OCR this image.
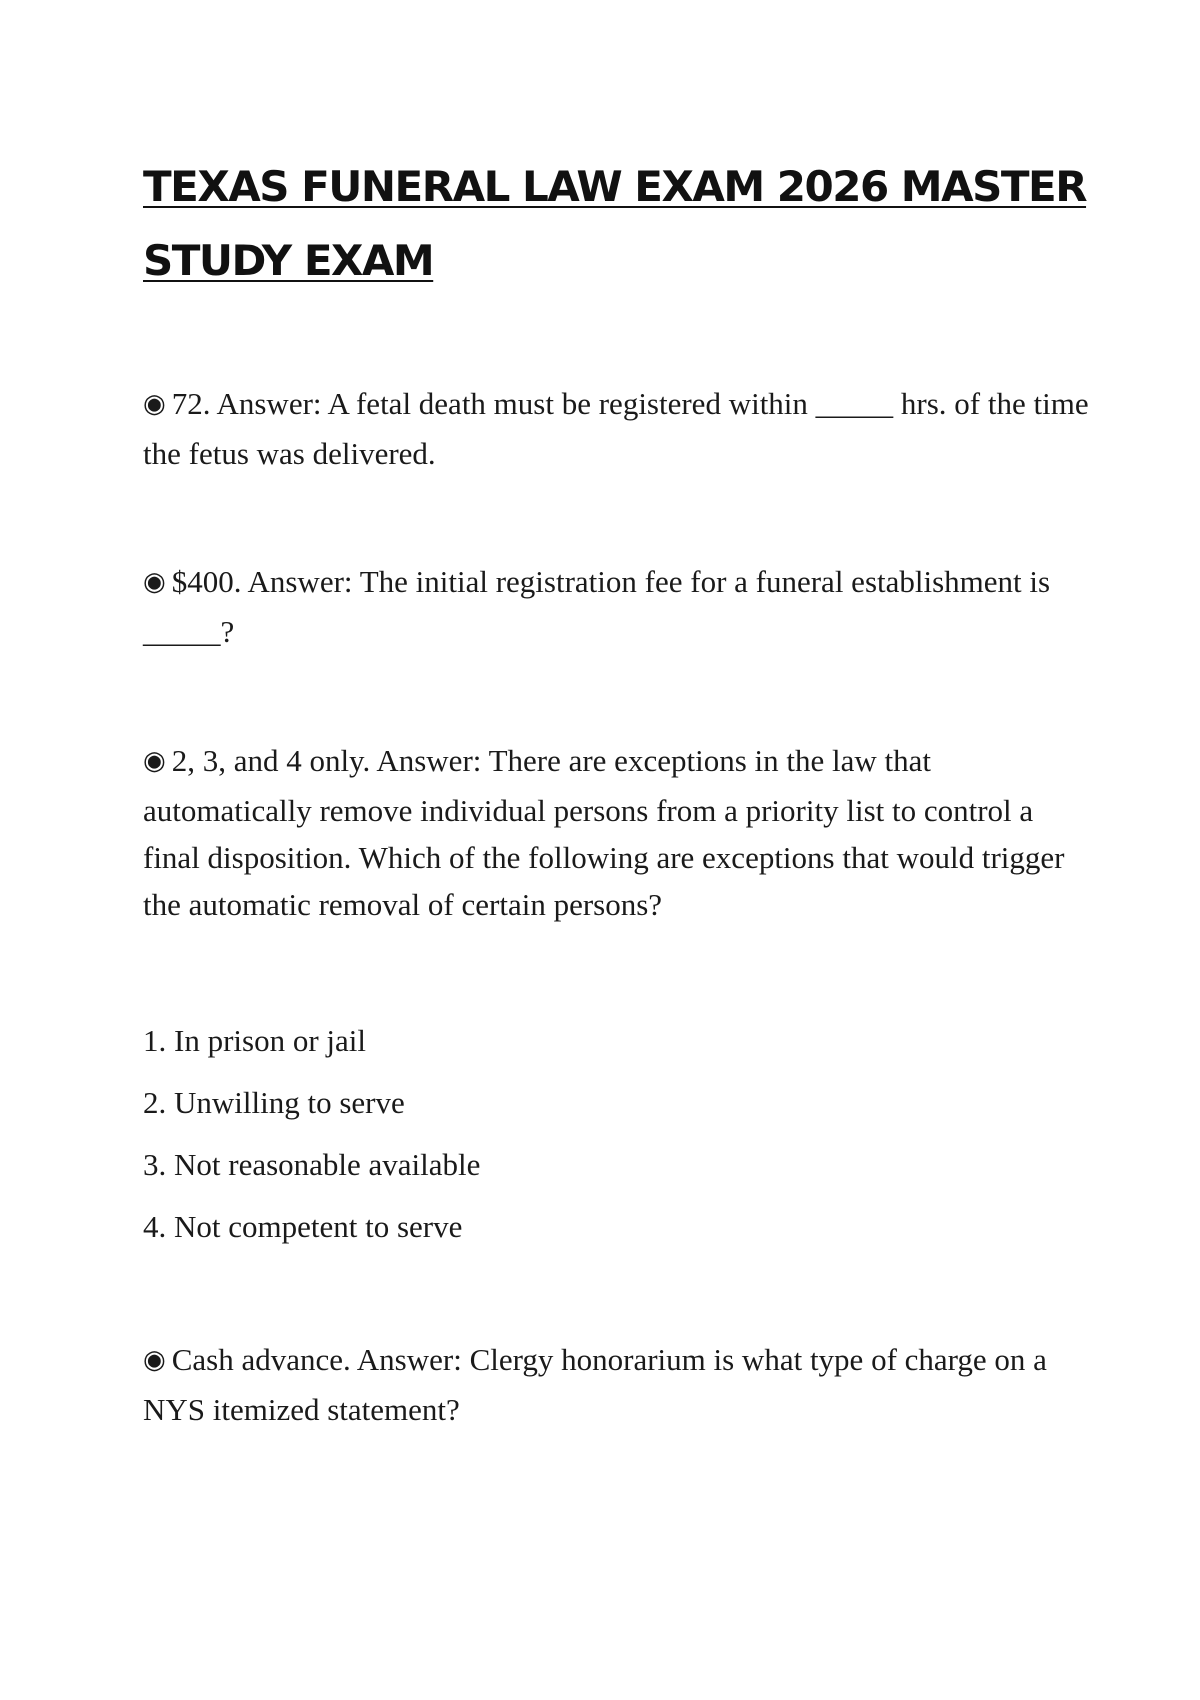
TEXAS FUNERAL LAW EXAM 2026 MASTER
STUDY EXAM

◉ 72. Answer: A fetal death must be registered within _____ hrs. of the time the fetus was delivered.

◉ $400. Answer: The initial registration fee for a funeral establishment is _____?

◉ 2, 3, and 4 only. Answer: There are exceptions in the law that automatically remove individual persons from a priority list to control a final disposition. Which of the following are exceptions that would trigger the automatic removal of certain persons?

1. In prison or jail
2. Unwilling to serve
3. Not reasonable available
4. Not competent to serve

◉ Cash advance. Answer: Clergy honorarium is what type of charge on a NYS itemized statement?
